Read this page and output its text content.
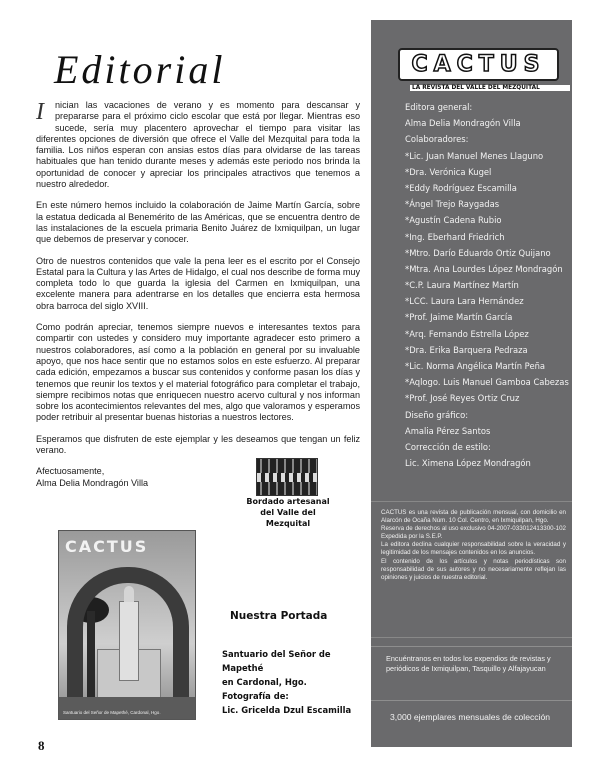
Editorial

I	nician las vacaciones de verano y es momento para descansar y prepararse para el próximo ciclo escolar que está por llegar. Mientras eso sucede, sería muy placentero aprovechar el tiempo para visitar las diferentes opciones de diversión que ofrece el Valle del Mezquital para toda la familia. Los niños esperan con ansias estos días para olvidarse de las tareas habituales que han tenido durante meses y además este periodo nos brinda la oportunidad de conocer y apreciar los principales atractivos que tenemos a nuestro alrededor.

En este número hemos incluido la colaboración de Jaime Martín García, sobre la estatua dedicada al Benemérito de las Américas, que se encuentra dentro de las instalaciones de la escuela primaria Benito Juárez de Ixmiquilpan, un lugar que debemos de preservar y conocer.

Otro de nuestros contenidos que vale la pena leer es el escrito por el Consejo Estatal para la Cultura y las Artes de Hidalgo, el cual nos describe de forma muy completa todo lo que guarda la iglesia del Carmen en Ixmiquilpan, una excelente manera para adentrarse en los detalles que encierra esta hermosa obra barroca del siglo XVIII.

Como podrán apreciar, tenemos siempre nuevos e interesantes textos para compartir con ustedes y considero muy importante agradecer esto primero a nuestros colaboradores, así como a la población en general por su invaluable apoyo, que nos hace sentir que no estamos solos en este esfuerzo. Al preparar cada edición, empezamos a buscar sus contenidos y conforme pasan los días y tenemos que reunir los textos y el material fotográfico para completar el trabajo, siempre recibimos notas que enriquecen nuestro acervo cultural y nos informan sobre los acontecimientos relevantes del mes, algo que valoramos y esperamos poder retribuir al presentar buenas historias a nuestros lectores.

Esperamos que disfruten de este ejemplar y les deseamos que tengan un feliz verano.

Afectuosamente,
Alma Delia Mondragón Villa
Bordado artesanal
del Valle del Mezquital
CACTUS
Santuario del Señor de Mapethé, Cardonal, Hgo.
Nuestra Portada
Santuario del Señor de Mapethé
en Cardonal, Hgo.
Fotografía de:
Lic. Gricelda Dzul Escamilla
8
CACTUS
LA REVISTA DEL VALLE DEL MEZQUITAL
Editora general:
Alma Delia Mondragón Villa
Colaboradores:
*Lic. Juan Manuel Menes Llaguno
*Dra. Verónica Kugel
*Eddy Rodríguez Escamilla
*Ángel Trejo Raygadas
*Agustín Cadena Rubio
*Ing. Eberhard Friedrich
*Mtro. Darío Eduardo Ortiz Quijano
*Mtra. Ana Lourdes López Mondragón
*C.P. Laura Martínez Martín
*LCC. Laura Lara Hernández
*Prof. Jaime Martín García
*Arq. Fernando Estrella López
*Dra. Erika Barquera Pedraza
*Lic. Norma Angélica Martín Peña
*Aqlogo. Luis Manuel Gamboa Cabezas
*Prof. José Reyes Ortiz Cruz
Diseño gráfico:
Amalia Pérez Santos
Corrección de estilo:
Lic. Ximena López Mondragón

CACTUS es una revista de publicación mensual, con domicilio en Alarcón de Ocaña Núm. 10 Col. Centro, en Ixmiquilpan, Hgo.

Reserva de derechos al uso exclusivo 04-2007-033012413300-102 Expedida por la S.E.P.

La editora declina cualquier responsabilidad sobre la veracidad y legitimidad de los mensajes contenidos en los anuncios.

El contenido de los artículos y notas periodísticas son responsabilidad de sus autores y no necesariamente reflejan las opiniones y juicios de nuestra editorial.

Encuéntranos en todos los expendios de revistas y periódicos de Ixmiquilpan, Tasquillo y Alfajayucan
3,000 ejemplares mensuales de colección
